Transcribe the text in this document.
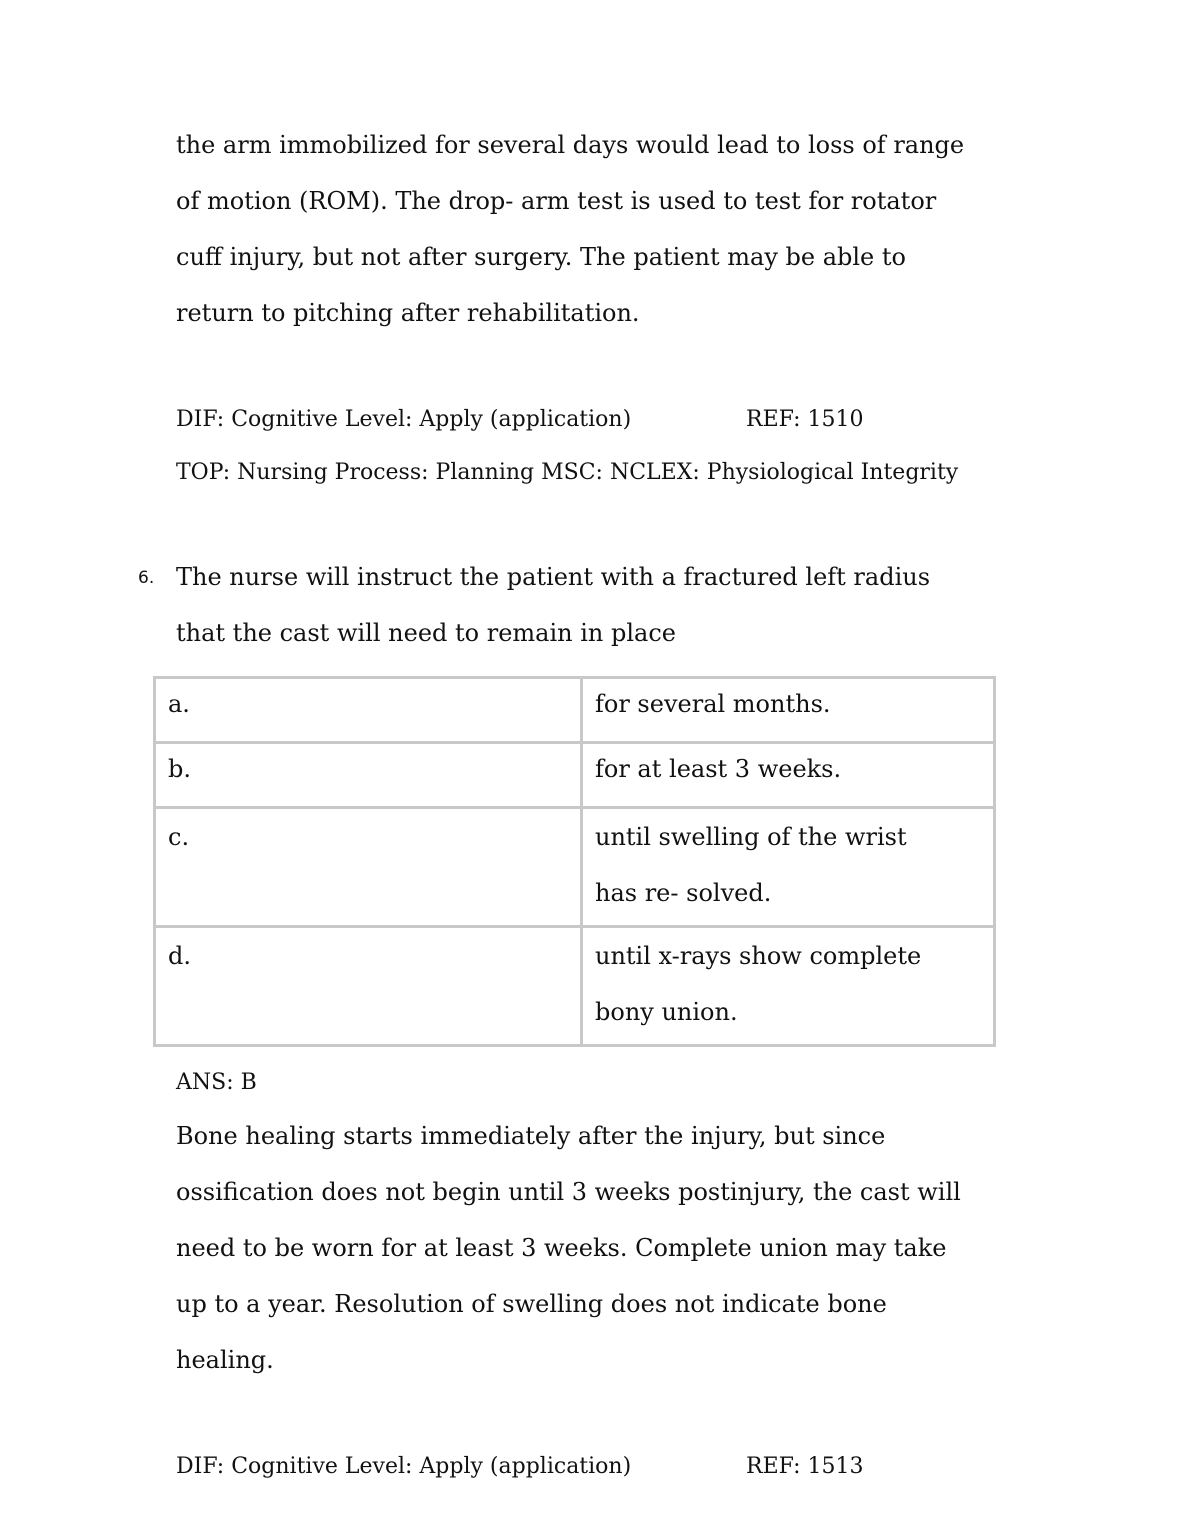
the arm immobilized for several days would lead to loss of range
of motion (ROM). The drop- arm test is used to test for rotator
cuff injury, but not after surgery. The patient may be able to
return to pitching after rehabilitation.
DIF: Cognitive Level: Apply (application)	REF: 1510
TOP: Nursing Process: Planning MSC: NCLEX: Physiological Integrity
6. The nurse will instruct the patient with a fractured left radius
that the cast will need to remain in place
a.	for several months.

b.	for at least 3 weeks.

c.	until swelling of the wrist
has re- solved.

d.	until x-rays show complete
bony union.
ANS: B
Bone healing starts immediately after the injury, but since
ossification does not begin until 3 weeks postinjury, the cast will
need to be worn for at least 3 weeks. Complete union may take
up to a year. Resolution of swelling does not indicate bone
healing.
DIF: Cognitive Level: Apply (application)	REF: 1513
